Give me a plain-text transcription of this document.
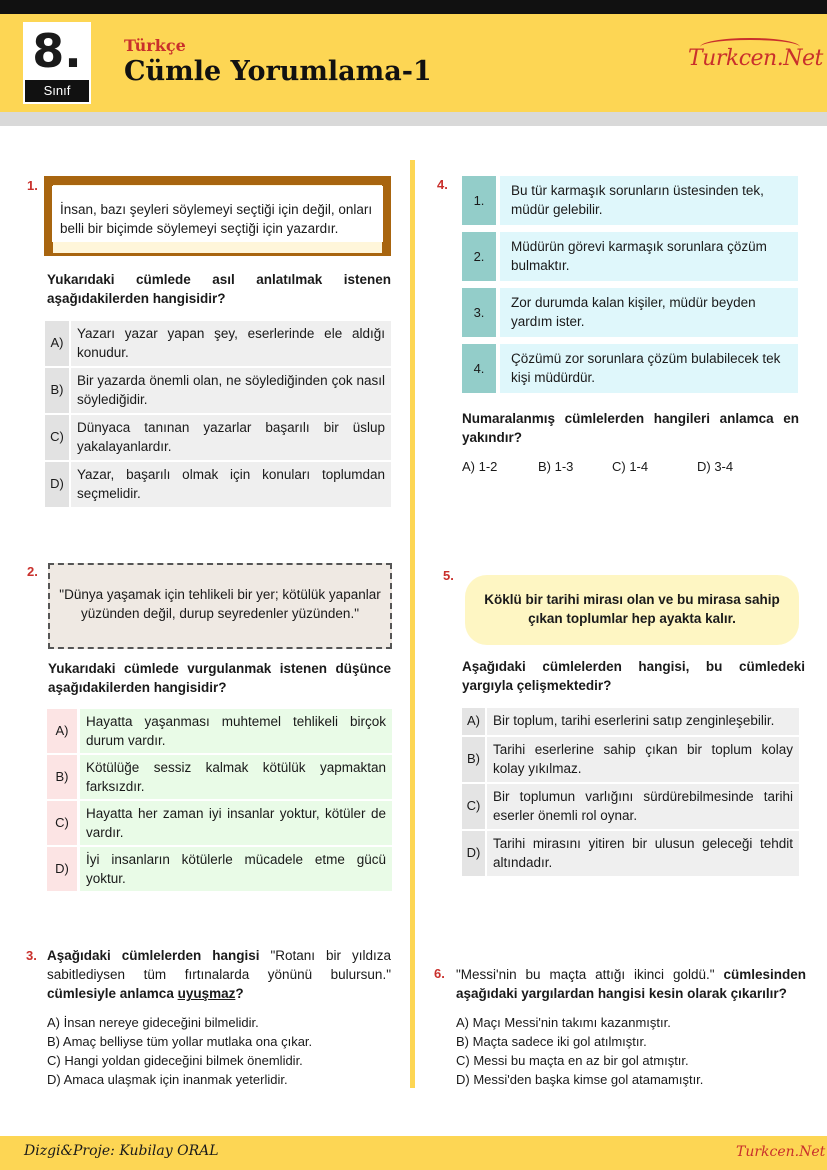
8.
Sınıf
Türkçe
Cümle Yorumlama-1	Turkcen.Net
1.
İnsan, bazı şeyleri söylemeyi seçtiği için değil, onları belli bir biçimde söylemeyi seçtiği için yazardır.
Yukarıdaki cümlede asıl anlatılmak istenen aşağıdakilerden hangisidir?
A)
Yazarı yazar yapan şey, eserlerinde ele aldığı konudur.
B)
Bir yazarda önemli olan, ne söylediğinden çok nasıl söylediğidir.
C)
Dünyaca tanınan yazarlar başarılı bir üslup yakalayanlardır.
D)
Yazar, başarılı olmak için konuları toplumdan seçmelidir.
2.
"Dünya yaşamak için tehlikeli bir yer; kötülük yapanlar yüzünden değil, durup seyredenler yüzünden."
Yukarıdaki cümlede vurgulanmak istenen düşünce aşağıdakilerden hangisidir?
A)
Hayatta yaşanması muhtemel tehlikeli birçok durum vardır.
B)
Kötülüğe sessiz kalmak kötülük yapmaktan farksızdır.
C)
Hayatta her zaman iyi insanlar yoktur, kötüler de vardır.
D)
İyi insanların kötülerle mücadele etme gücü yoktur.
3. Aşağıdaki cümlelerden hangisi "Rotanı bir yıldıza sabitlediysen tüm fırtınalarda yönünü bulursun." cümlesiyle anlamca uyuşmaz?
A) İnsan nereye gideceğini bilmelidir.
B) Amaç belliyse tüm yollar mutlaka ona çıkar.
C) Hangi yoldan gideceğini bilmek önemlidir.
D) Amaca ulaşmak için inanmak yeterlidir.
4.
1.
Bu tür karmaşık sorunların üstesinden tek, müdür gelebilir.
2.
Müdürün görevi karmaşık sorunlara çözüm bulmaktır.
3.
Zor durumda kalan kişiler, müdür beyden yardım ister.
4.
Çözümü zor sorunlara çözüm bulabilecek tek kişi müdürdür.
Numaralanmış cümlelerden hangileri anlamca en yakındır?
A) 1-2	B) 1-3	C) 1-4	D) 3-4
5.
Köklü bir tarihi mirası olan ve bu mirasa sahip çıkan toplumlar hep ayakta kalır.
Aşağıdaki cümlelerden hangisi, bu cümledeki yargıyla çelişmektedir?
A) Bir toplum, tarihi eserlerini satıp zenginleşebilir.
B)
Tarihi eserlerine sahip çıkan bir toplum kolay kolay yıkılmaz.
C)
Bir toplumun varlığını sürdürebilmesinde tarihi eserler önemli rol oynar.
D)
Tarihi mirasını yitiren bir ulusun geleceği tehdit altındadır.
6. "Messi'nin bu maçta attığı ikinci goldü." cümlesinden aşağıdaki yargılardan hangisi kesin olarak çıkarılır?
A) Maçı Messi'nin takımı kazanmıştır.
B) Maçta sadece iki gol atılmıştır.
C) Messi bu maçta en az bir gol atmıştır.
D) Messi'den başka kimse gol atamamıştır.
Dizgi&Proje: Kubilay ORAL	Turkcen.Net
